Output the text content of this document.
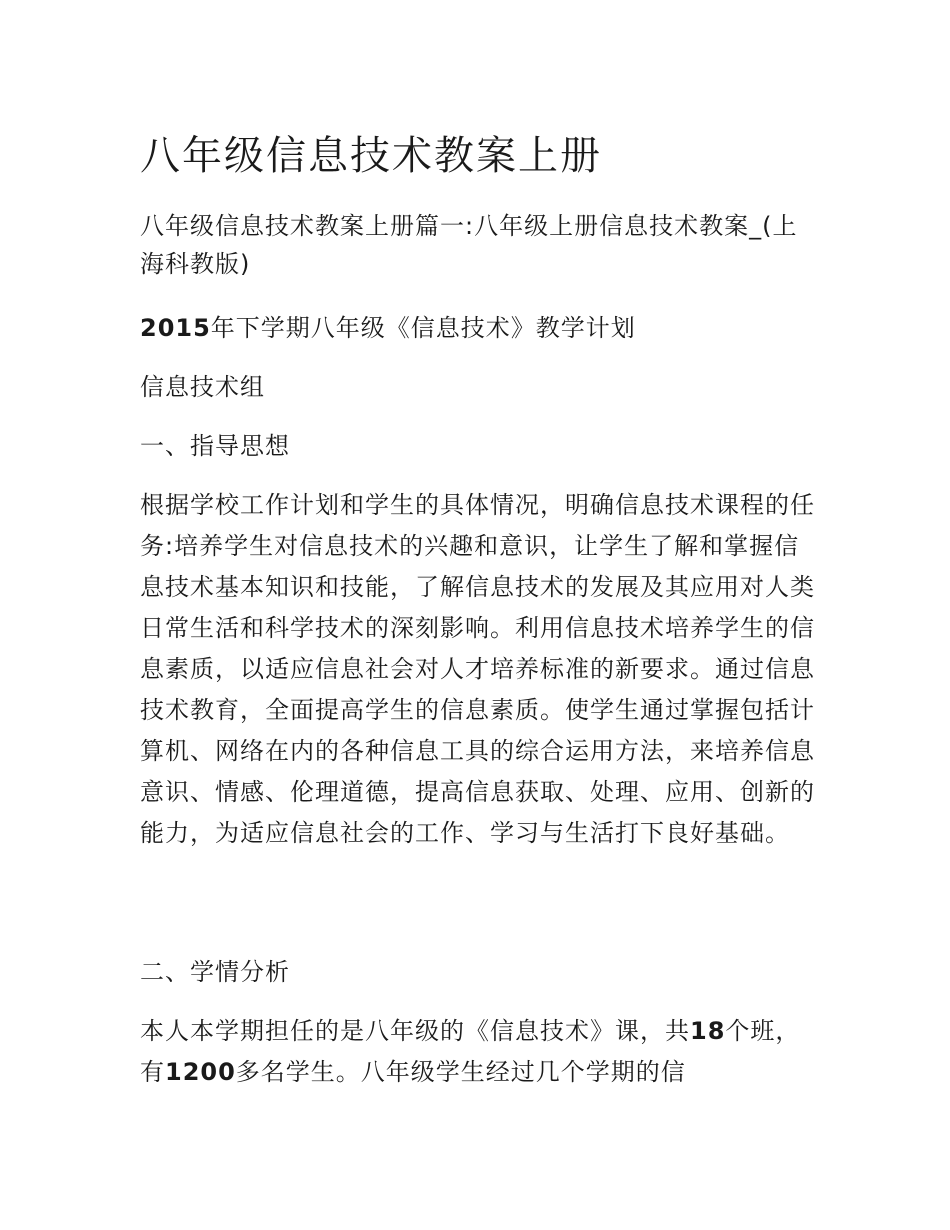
八年级信息技术教案上册

八年级信息技术教案上册篇一:八年级上册信息技术教案_(上海科教版)

2015年下学期八年级《信息技术》教学计划

信息技术组

一、指导思想

根据学校工作计划和学生的具体情况，明确信息技术课程的任务:培养学生对信息技术的兴趣和意识，让学生了解和掌握信息技术基本知识和技能，了解信息技术的发展及其应用对人类日常生活和科学技术的深刻影响。利用信息技术培养学生的信息素质，以适应信息社会对人才培养标准的新要求。通过信息技术教育，全面提高学生的信息素质。使学生通过掌握包括计算机、网络在内的各种信息工具的综合运用方法，来培养信息意识、情感、伦理道德，提高信息获取、处理、应用、创新的能力，为适应信息社会的工作、学习与生活打下良好基础。

二、学情分析

本人本学期担任的是八年级的《信息技术》课，共18个班，有1200多名学生。八年级学生经过几个学期的信
